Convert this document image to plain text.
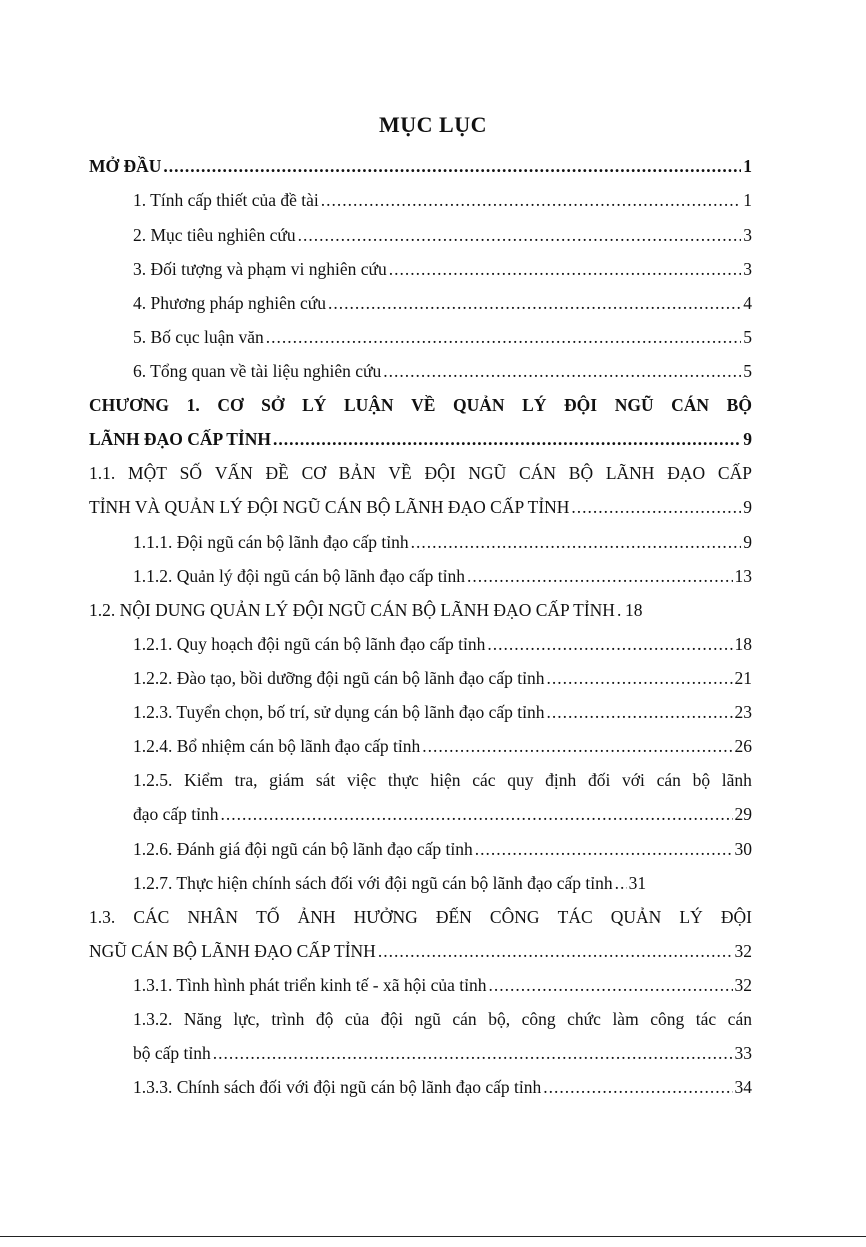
MỤC LỤC
MỞ ĐẦU .....	1
1. Tính cấp thiết của đề tài .....	1
2. Mục tiêu nghiên cứu .....	3
3. Đối tượng và phạm vi nghiên cứu .....	3
4. Phương pháp nghiên cứu .....	4
5. Bố cục luận văn .....	5
6. Tổng quan về tài liệu nghiên cứu .....	5
CHƯƠNG 1. CƠ SỞ LÝ LUẬN VỀ QUẢN LÝ ĐỘI NGŨ CÁN BỘ
LÃNH ĐẠO CẤP TỈNH .....	9
1.1. MỘT SỐ VẤN ĐỀ CƠ BẢN VỀ ĐỘI NGŨ CÁN BỘ LÃNH ĐẠO CẤP
TỈNH VÀ QUẢN LÝ ĐỘI NGŨ CÁN BỘ LÃNH ĐẠO CẤP TỈNH .....	9
1.1.1. Đội ngũ cán bộ lãnh đạo cấp tỉnh .....	9
1.1.2. Quản lý đội ngũ cán bộ lãnh đạo cấp tỉnh .....	13
1.2. NỘI DUNG QUẢN LÝ ĐỘI NGŨ CÁN BỘ LÃNH ĐẠO CẤP TỈNH ..... 18
1.2.1. Quy hoạch đội ngũ cán bộ lãnh đạo cấp tỉnh .....	18
1.2.2. Đào tạo, bồi dưỡng đội ngũ cán bộ lãnh đạo cấp tỉnh .....	21
1.2.3. Tuyển chọn, bố trí, sử dụng cán bộ lãnh đạo cấp tỉnh .....	23
1.2.4. Bổ nhiệm cán bộ lãnh đạo cấp tỉnh .....	26
1.2.5. Kiểm tra, giám sát việc thực hiện các quy định đối với cán bộ lãnh
đạo cấp tỉnh .....	29
1.2.6. Đánh giá đội ngũ cán bộ lãnh đạo cấp tỉnh .....	30
1.2.7. Thực hiện chính sách đối với đội ngũ cán bộ lãnh đạo cấp tỉnh ..... 31
1.3. CÁC NHÂN TỐ ẢNH HƯỞNG ĐẾN CÔNG TÁC QUẢN LÝ ĐỘI
NGŨ CÁN BỘ LÃNH ĐẠO CẤP TỈNH .....	32
1.3.1. Tình hình phát triển kinh tế - xã hội của tỉnh .....	32
1.3.2. Năng lực, trình độ của đội ngũ cán bộ, công chức làm công tác cán
bộ cấp tỉnh .....	33
1.3.3. Chính sách đối với đội ngũ cán bộ lãnh đạo cấp tỉnh .....	34
